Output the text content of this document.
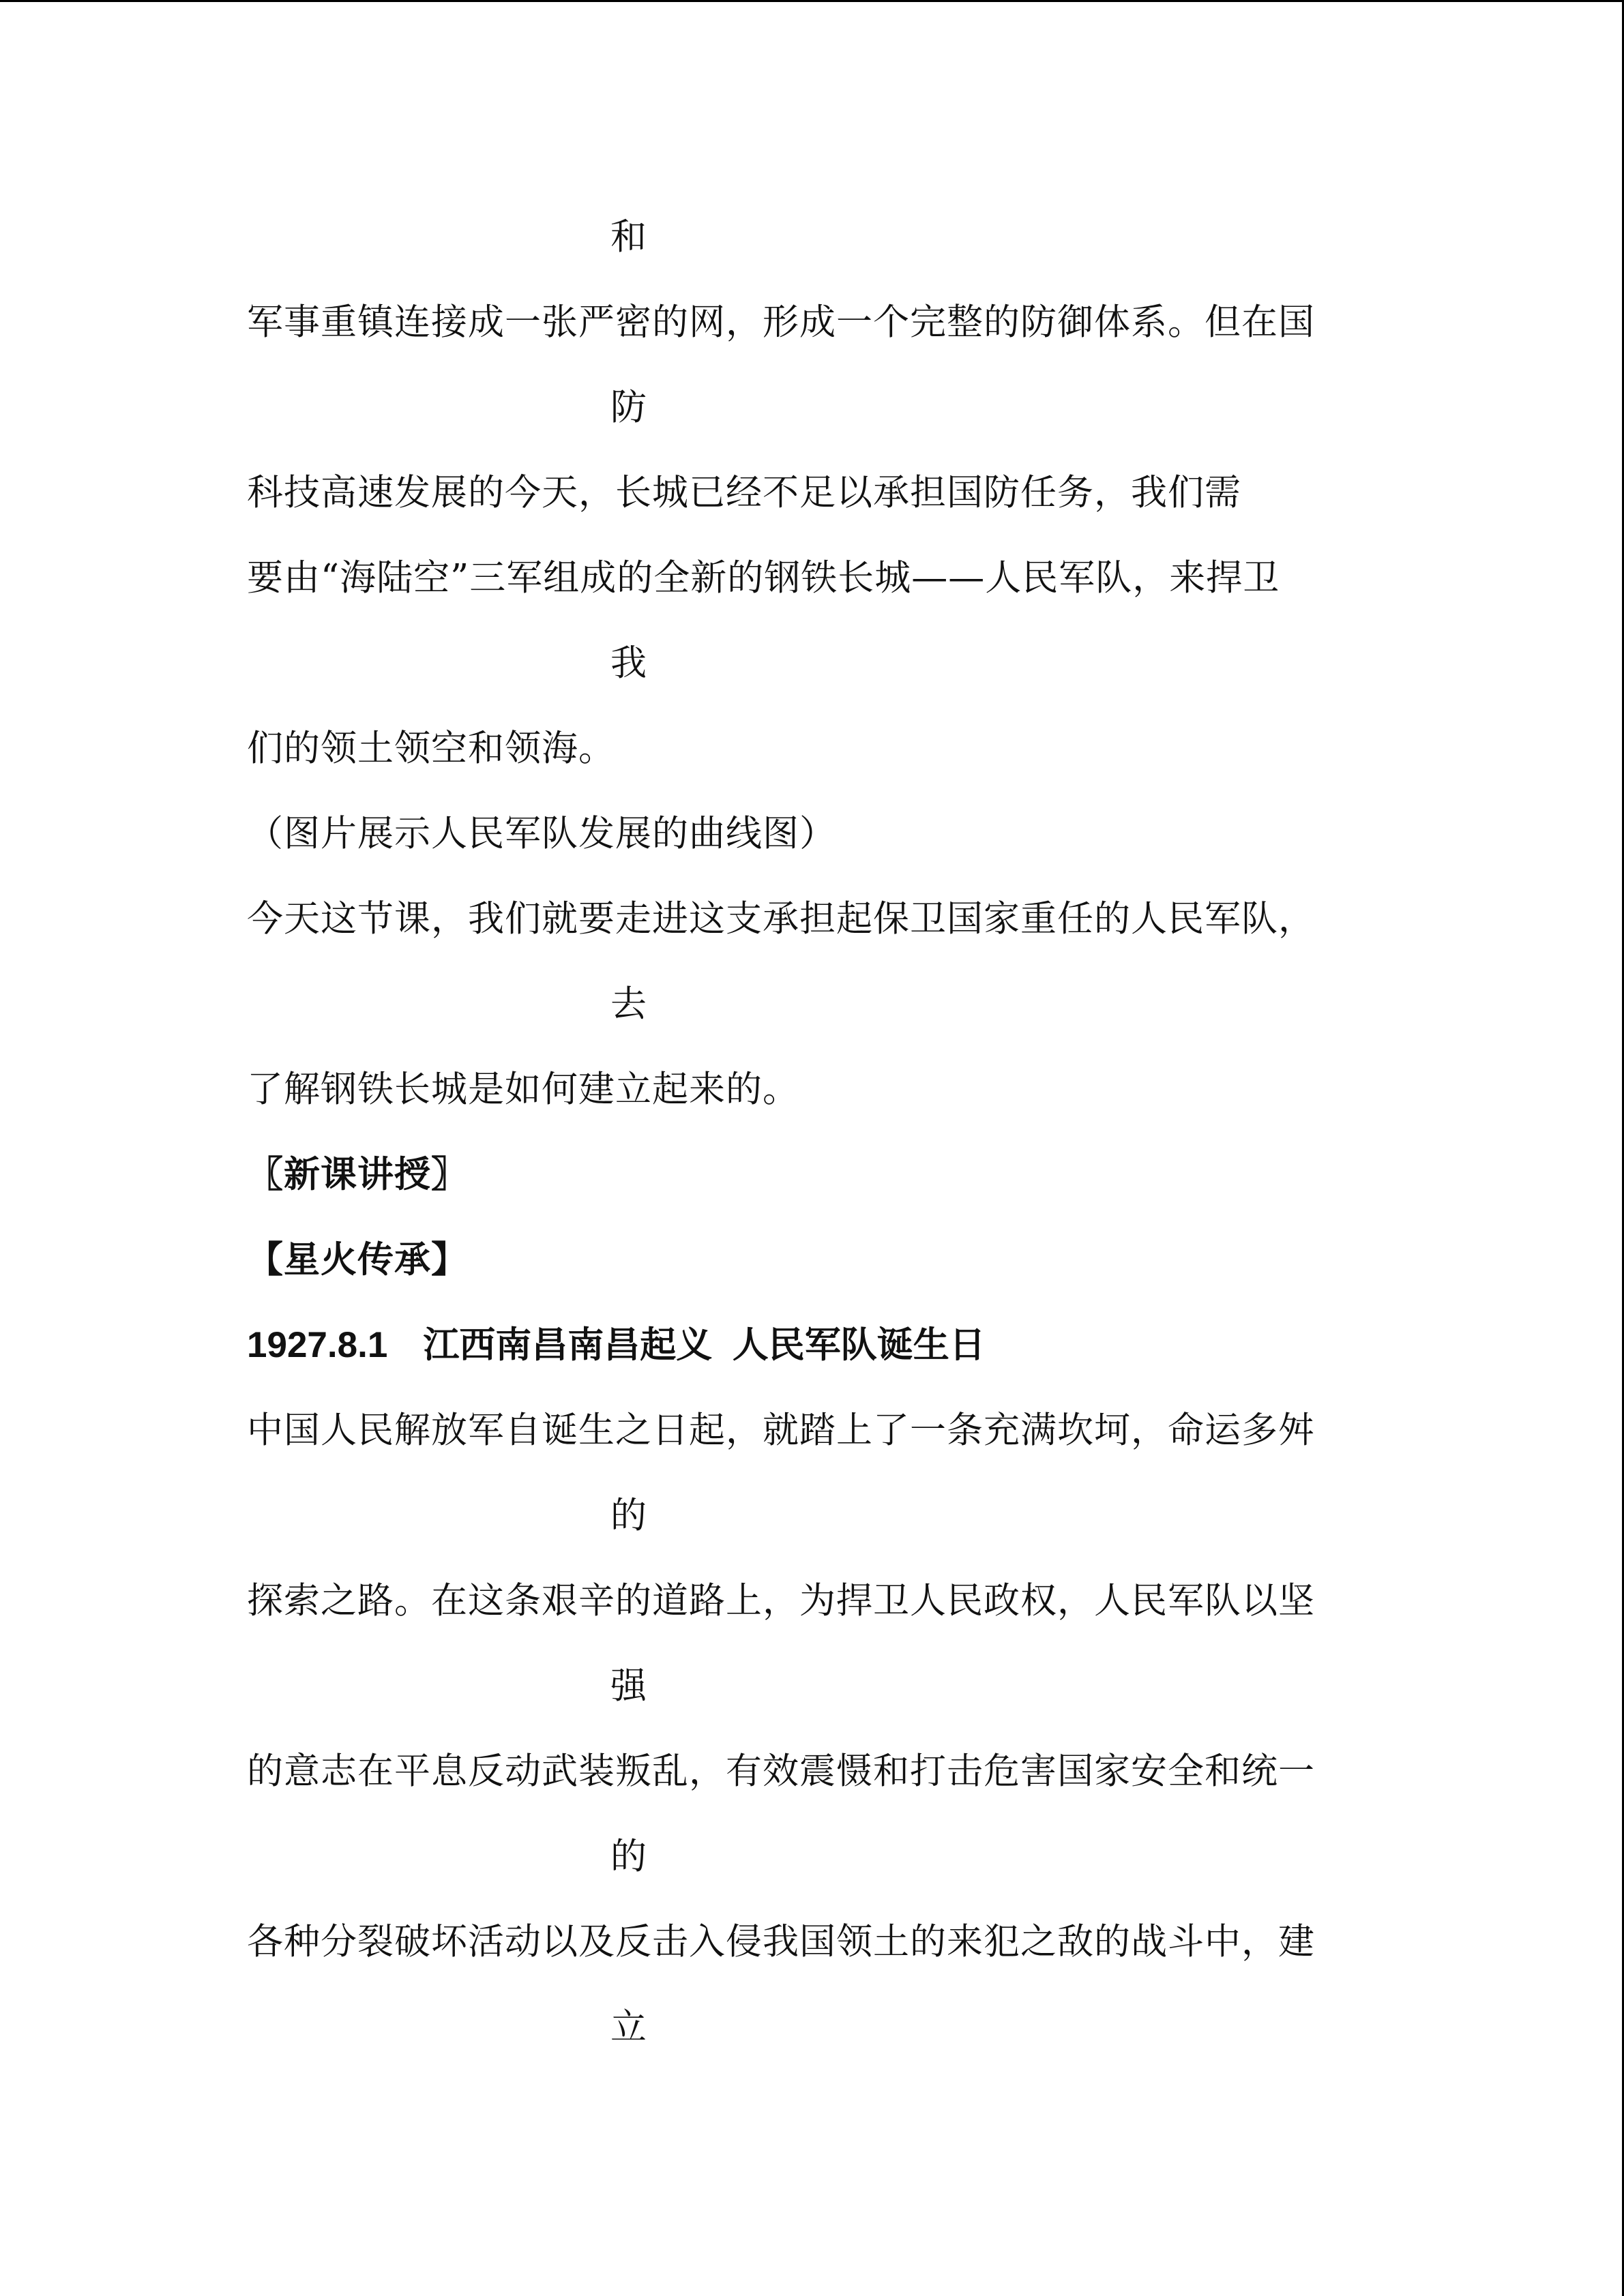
和
军事重镇连接成一张严密的网，形成一个完整的防御体系。但在国
防
科技高速发展的今天，长城已经不足以承担国防任务，我们需
要由“海陆空”三军组成的全新的钢铁长城——人民军队，来捍卫
我
们的领土领空和领海。
（图片展示人民军队发展的曲线图）
今天这节课，我们就要走进这支承担起保卫国家重任的人民军队，
去
了解钢铁长城是如何建立起来的。
〖新课讲授〗
【星火传承】
1927.8.1 江西南昌南昌起义  人民军队诞生日
中国人民解放军自诞生之日起，就踏上了一条充满坎坷，命运多舛
的
探索之路。在这条艰辛的道路上，为捍卫人民政权，人民军队以坚
强
的意志在平息反动武装叛乱，有效震慑和打击危害国家安全和统一
的
各种分裂破坏活动以及反击入侵我国领土的来犯之敌的战斗中，建
立
